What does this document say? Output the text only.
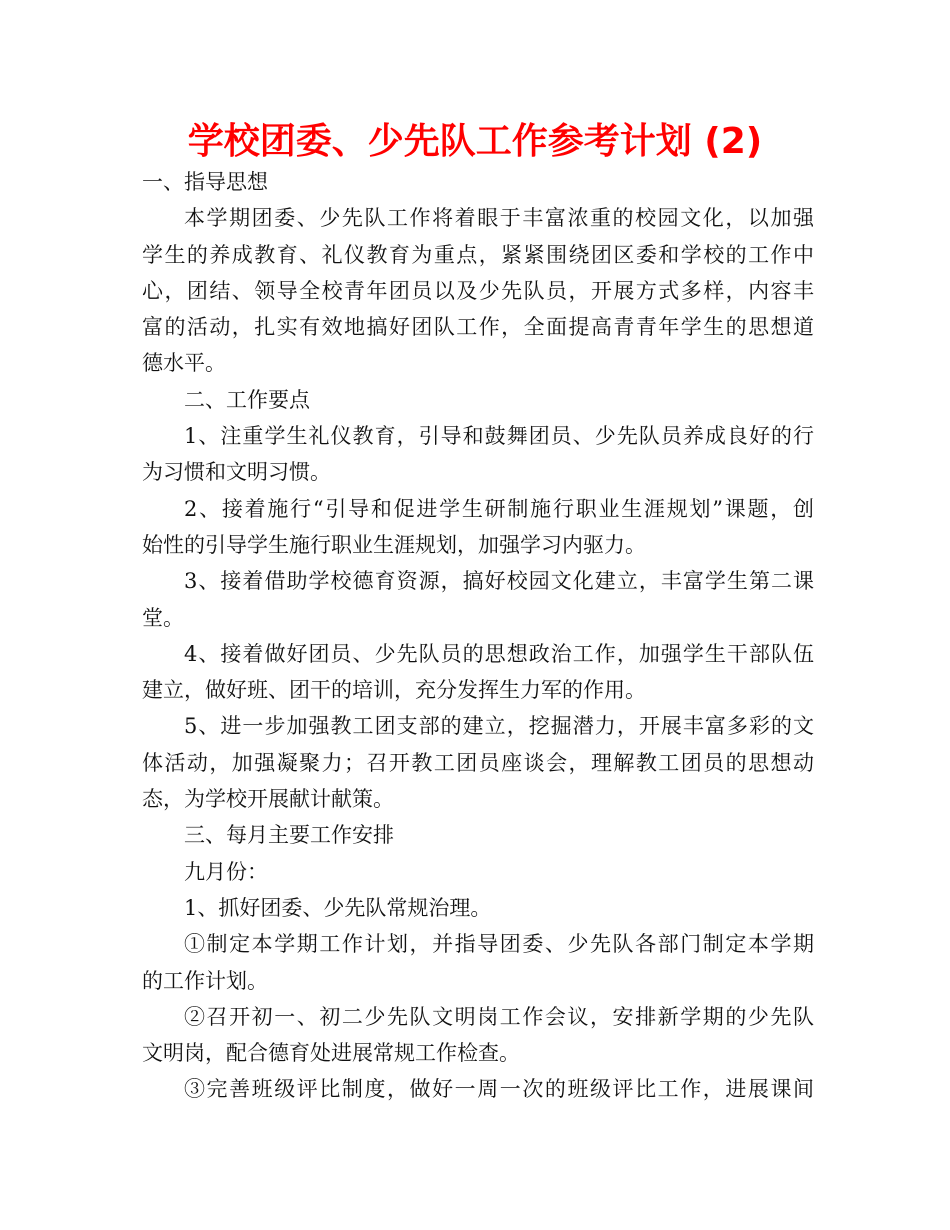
学校团委、少先队工作参考计划 (2)
一、指导思想
本学期团委、少先队工作将着眼于丰富浓重的校园文化，以加强
学生的养成教育、礼仪教育为重点，紧紧围绕团区委和学校的工作中
心，团结、领导全校青年团员以及少先队员，开展方式多样，内容丰
富的活动，扎实有效地搞好团队工作，全面提高青青年学生的思想道
德水平。
二、工作要点
1、注重学生礼仪教育，引导和鼓舞团员、少先队员养成良好的行
为习惯和文明习惯。
2、接着施行“引导和促进学生研制施行职业生涯规划”课题，创
始性的引导学生施行职业生涯规划，加强学习内驱力。
3、接着借助学校德育资源，搞好校园文化建立，丰富学生第二课
堂。
4、接着做好团员、少先队员的思想政治工作，加强学生干部队伍
建立，做好班、团干的培训，充分发挥生力军的作用。
5、进一步加强教工团支部的建立，挖掘潜力，开展丰富多彩的文
体活动，加强凝聚力；召开教工团员座谈会，理解教工团员的思想动
态，为学校开展献计献策。
三、每月主要工作安排
九月份：
1、抓好团委、少先队常规治理。
①制定本学期工作计划，并指导团委、少先队各部门制定本学期
的工作计划。
②召开初一、初二少先队文明岗工作会议，安排新学期的少先队
文明岗，配合德育处进展常规工作检查。
③完善班级评比制度，做好一周一次的班级评比工作，进展课间
